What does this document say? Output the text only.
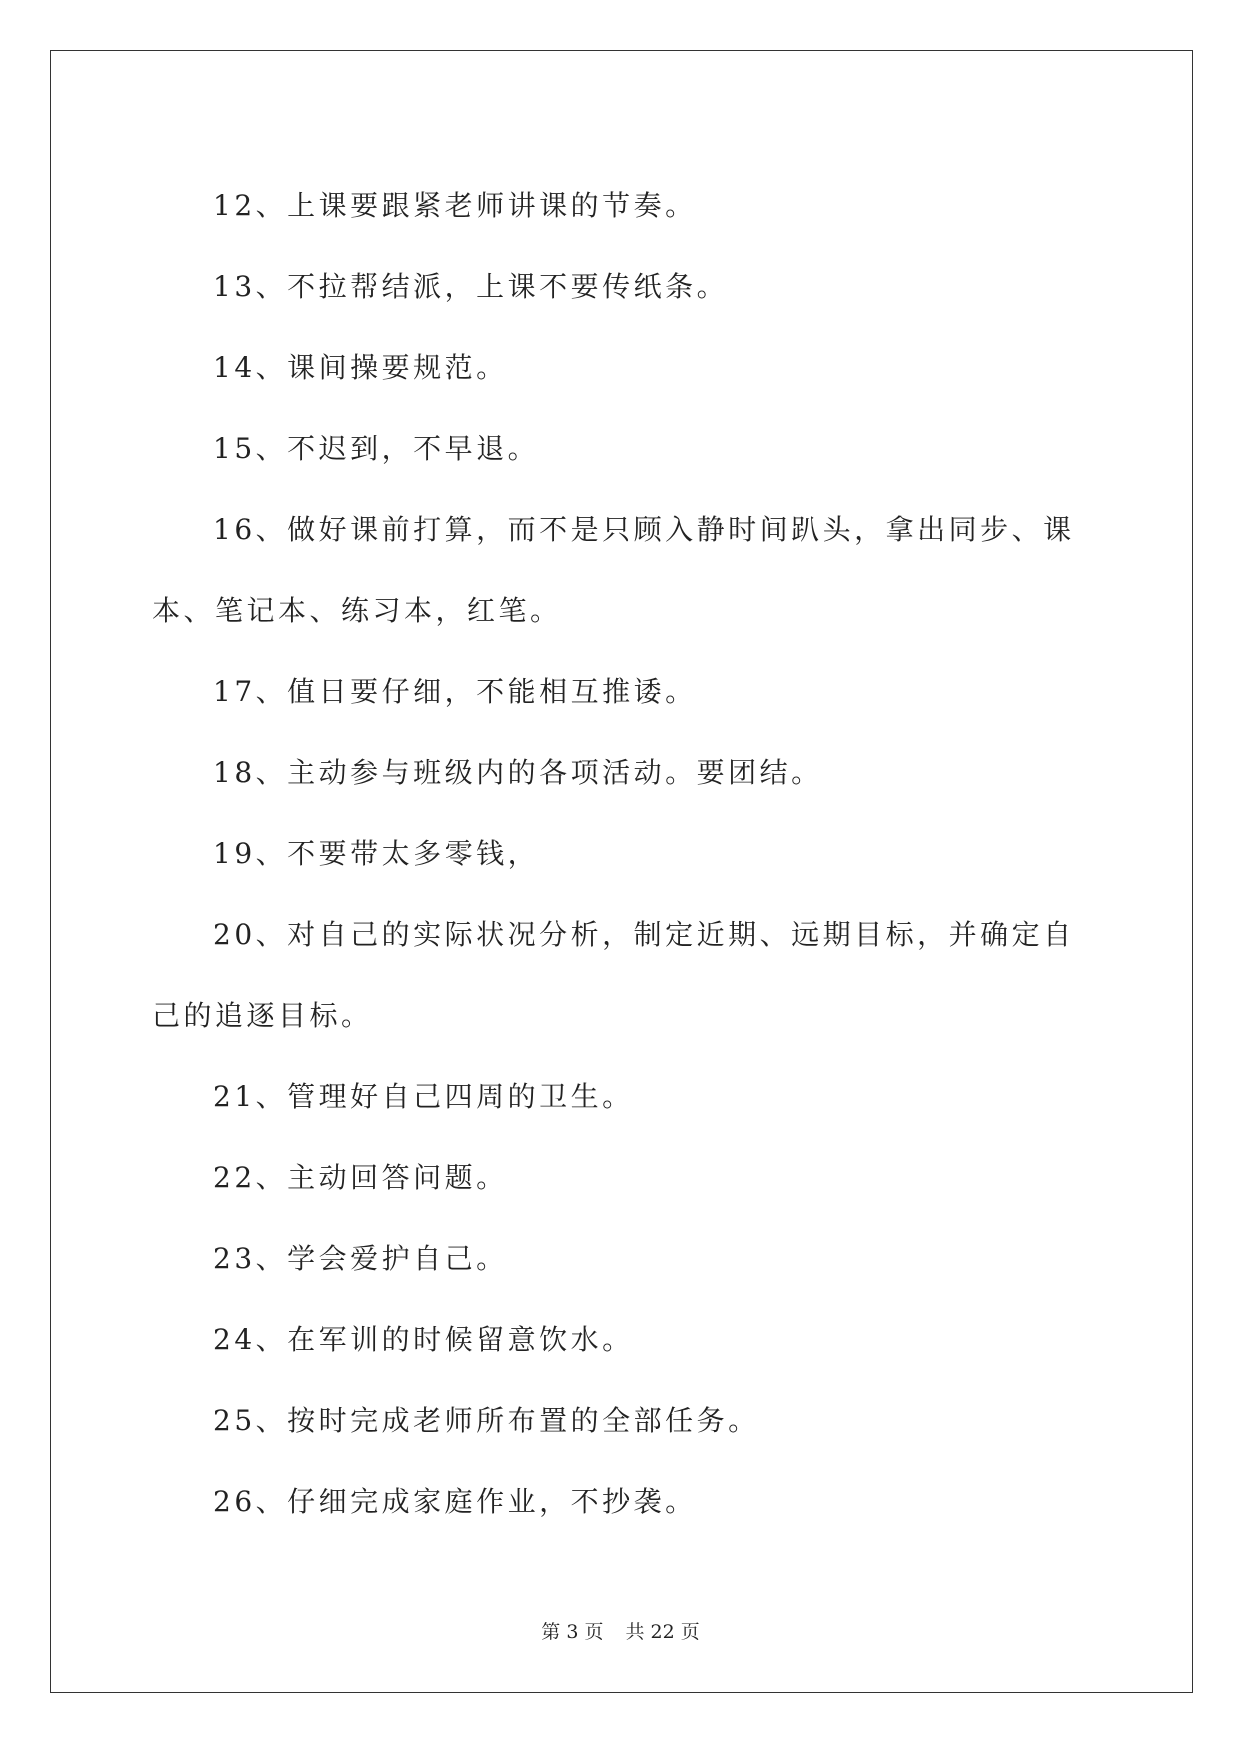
12、上课要跟紧老师讲课的节奏。

13、不拉帮结派，上课不要传纸条。

14、课间操要规范。

15、不迟到，不早退。

16、做好课前打算，而不是只顾入静时间趴头，拿出同步、课本、笔记本、练习本，红笔。

17、值日要仔细，不能相互推诿。

18、主动参与班级内的各项活动。要团结。

19、不要带太多零钱，

20、对自己的实际状况分析，制定近期、远期目标，并确定自己的追逐目标。

21、管理好自己四周的卫生。

22、主动回答问题。

23、学会爱护自己。

24、在军训的时候留意饮水。

25、按时完成老师所布置的全部任务。

26、仔细完成家庭作业，不抄袭。

第 3 页 共 22 页
